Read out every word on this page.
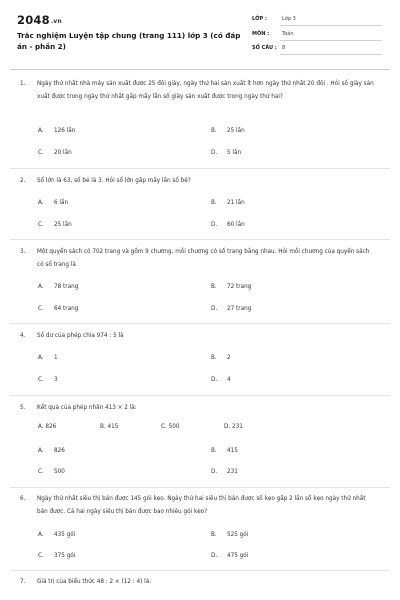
2048.vn
Trắc nghiệm Luyện tập chung (trang 111) lớp 3 (có đáp án - phần 2)
LỚP :	Lớp 3
MÔN :	Toán
SỐ CÂU : 8
1. Ngày thứ nhất nhà máy sản xuất được 25 đôi giày, ngày thứ hai sản xuất ít hơn ngày thứ nhất 20 đôi . Hỏi số giày sản xuất được trong ngày thứ nhất gấp mấy lần số giày sản xuất được trong ngày thứ hai?
A. 126 lần	B. 25 lần
C. 20 lần	D. 5 lần
2. Số lớn là 63, số bé là 3. Hỏi số lớn gấp mấy lần số bé?
A. 6 lần	B. 21 lần
C. 25 lần	D. 60 lần
3. Một quyển sách có 702 trang và gồm 9 chương, mỗi chương có số trang bằng nhau. Hỏi mỗi chương của quyển sách có số trang là
A. 78 trang	B. 72 trang
C. 64 trang	D. 27 trang
4. Số dư của phép chia 974 : 5 là
A. 1	B. 2
C. 3	D. 4
5. Kết quả của phép nhân 413 × 2 là:
A. 826	B. 415	C. 500	D. 231
A. 826	B. 415
C. 500	D. 231
6. Ngày thứ nhất siêu thị bán được 145 gói kẹo. Ngày thứ hai siêu thị bán được số kẹo gấp 2 lần số kẹo ngày thứ nhất bán được. Cả hai ngày siêu thị bán được bao nhiêu gói kẹo?
A. 435 gói	B. 525 gói
C. 375 gói	D. 475 gói
7. Giá trị của biểu thức 48 : 2 × (12 : 4) là:
